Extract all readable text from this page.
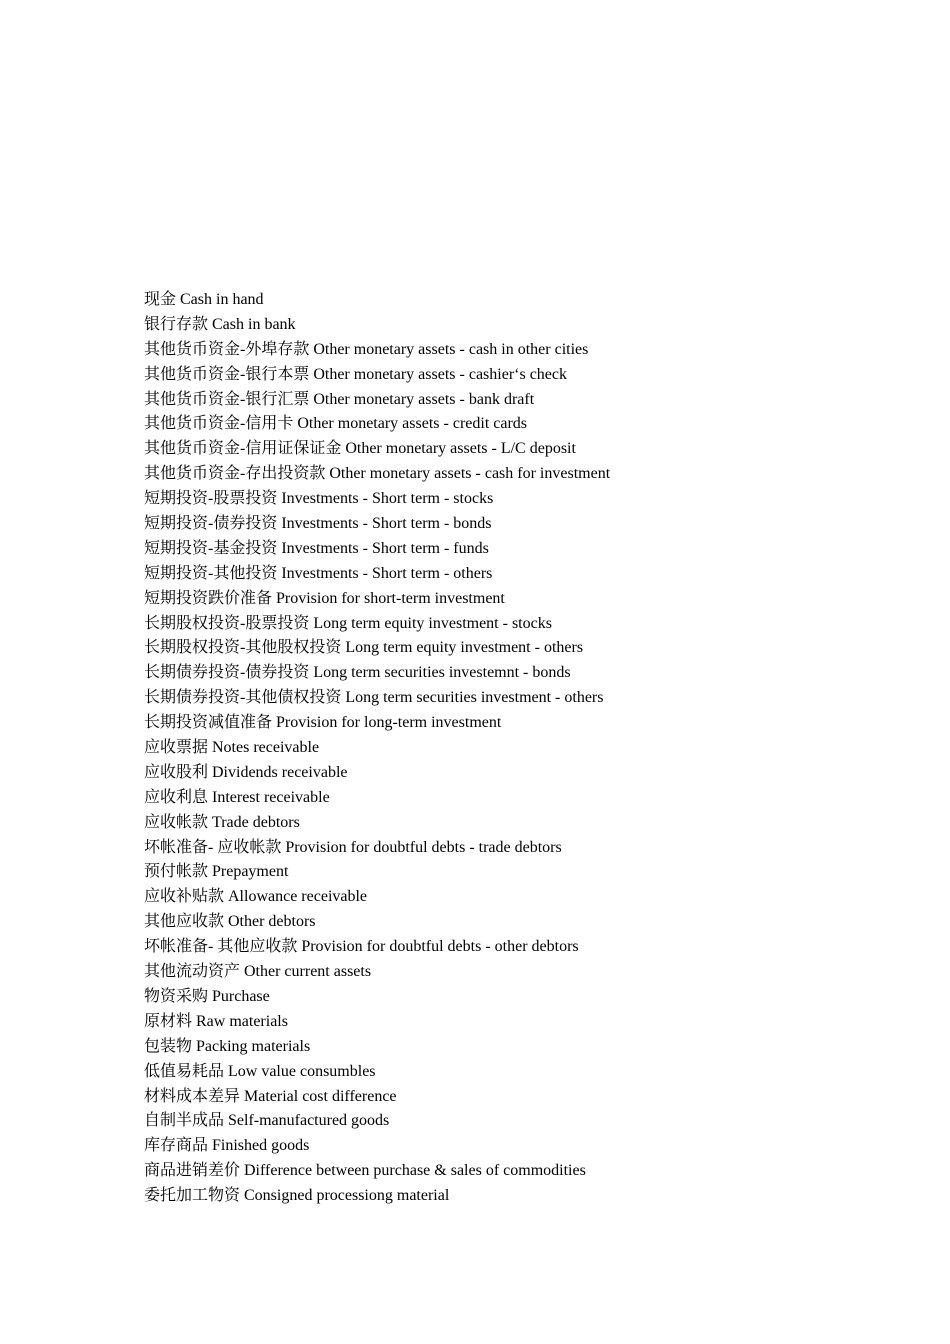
现金 Cash in hand
银行存款 Cash in bank
其他货币资金-外埠存款 Other monetary assets - cash in other cities
其他货币资金-银行本票 Other monetary assets - cashier‘s check
其他货币资金-银行汇票 Other monetary assets - bank draft
其他货币资金-信用卡 Other monetary assets - credit cards
其他货币资金-信用证保证金 Other monetary assets - L/C deposit
其他货币资金-存出投资款 Other monetary assets - cash for investment
短期投资-股票投资 Investments - Short term - stocks
短期投资-债券投资 Investments - Short term - bonds
短期投资-基金投资 Investments - Short term - funds
短期投资-其他投资 Investments - Short term - others
短期投资跌价准备 Provision for short-term investment
长期股权投资-股票投资 Long term equity investment - stocks
长期股权投资-其他股权投资 Long term equity investment - others
长期债券投资-债券投资 Long term securities investemnt - bonds
长期债券投资-其他债权投资 Long term securities investment - others
长期投资减值准备 Provision for long-term investment
应收票据 Notes receivable
应收股利 Dividends receivable
应收利息 Interest receivable
应收帐款 Trade debtors
坏帐准备- 应收帐款 Provision for doubtful debts - trade debtors
预付帐款 Prepayment
应收补贴款 Allowance receivable
其他应收款 Other debtors
坏帐准备- 其他应收款 Provision for doubtful debts - other debtors
其他流动资产 Other current assets
物资采购 Purchase
原材料 Raw materials
包装物 Packing materials
低值易耗品 Low value consumbles
材料成本差异 Material cost difference
自制半成品 Self-manufactured goods
库存商品 Finished goods
商品进销差价 Difference between purchase & sales of commodities
委托加工物资 Consigned processiong material
